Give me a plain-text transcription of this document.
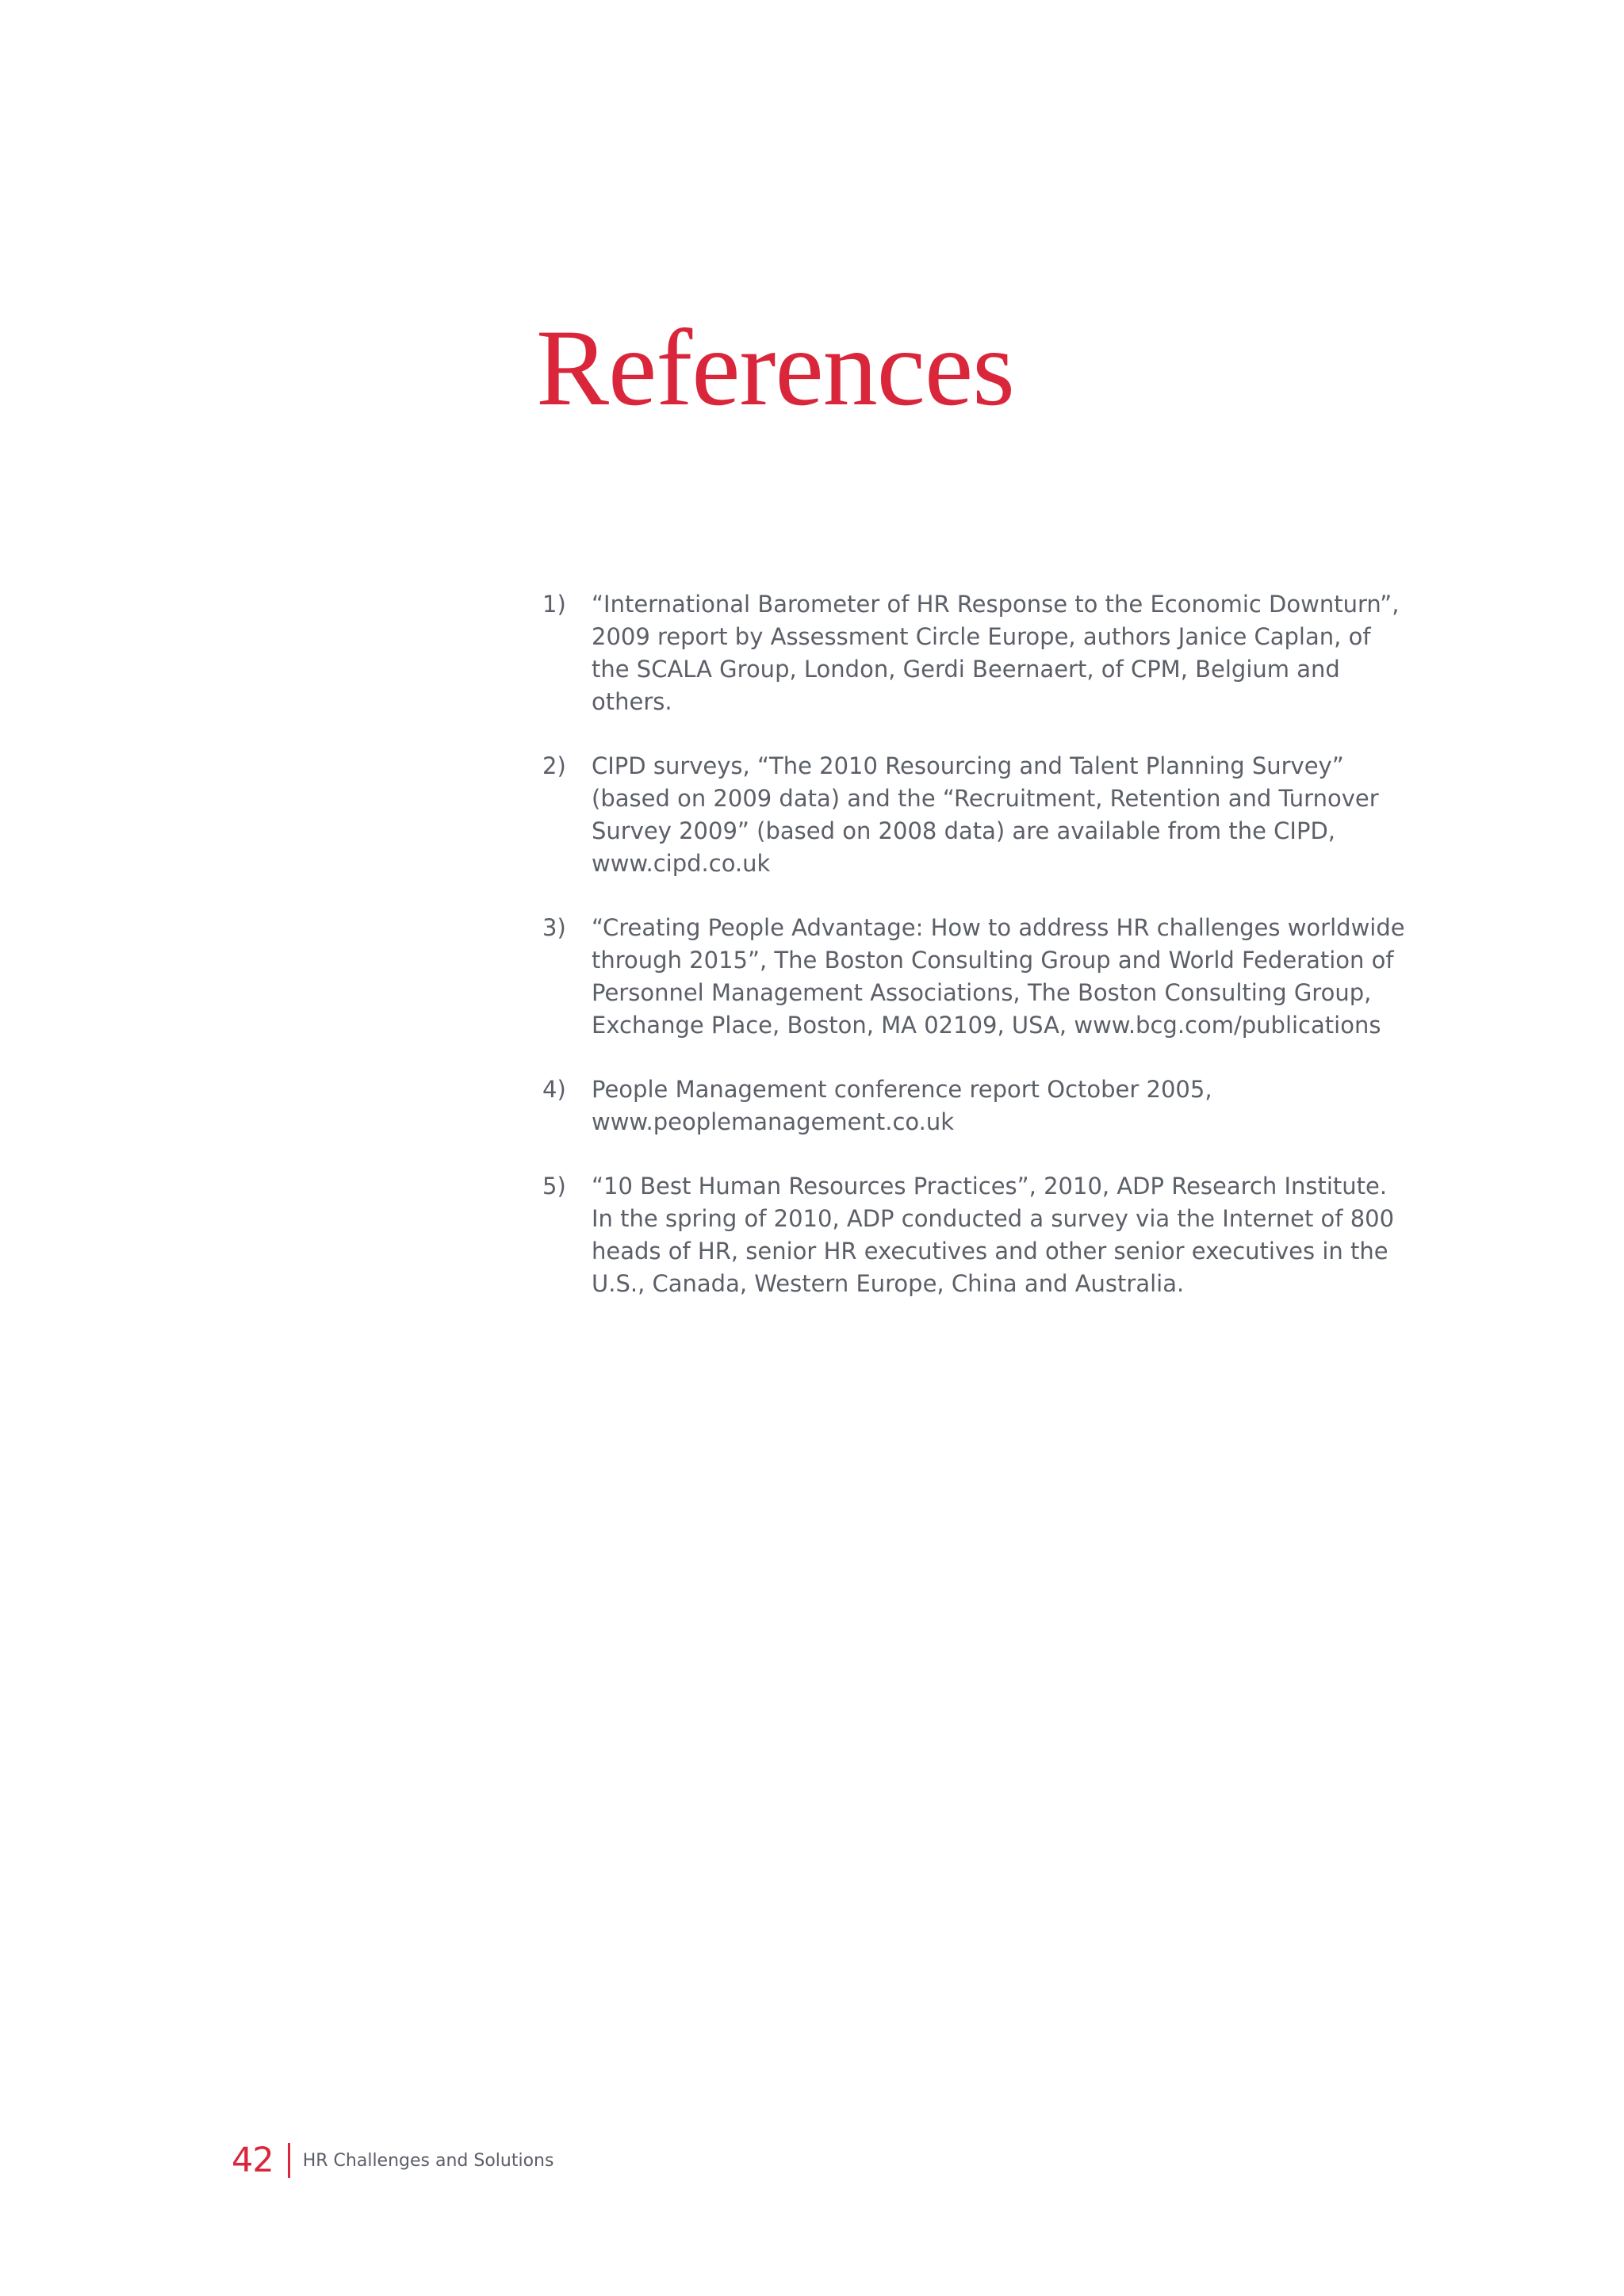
References
1)	“International Barometer of HR Response to the Economic Downturn”, 2009 report by Assessment Circle Europe, authors Janice Caplan, of the SCALA Group, London, Gerdi Beernaert, of CPM, Belgium and others.
2)	CIPD surveys, “The 2010 Resourcing and Talent Planning Survey” (based on 2009 data) and the “Recruitment, Retention and Turnover Survey 2009” (based on 2008 data) are available from the CIPD, www.cipd.co.uk
3)	“Creating People Advantage: How to address HR challenges worldwide through 2015”, The Boston Consulting Group and World Federation of Personnel Management Associations, The Boston Consulting Group, Exchange Place, Boston, MA 02109, USA, www.bcg.com/publications
4)	People Management conference report October 2005, www.peoplemanagement.co.uk
5)	“10 Best Human Resources Practices”, 2010, ADP Research Institute. In the spring of 2010, ADP conducted a survey via the Internet of 800 heads of HR, senior HR executives and other senior executives in the U.S., Canada, Western Europe, China and Australia.
42 HR Challenges and Solutions
